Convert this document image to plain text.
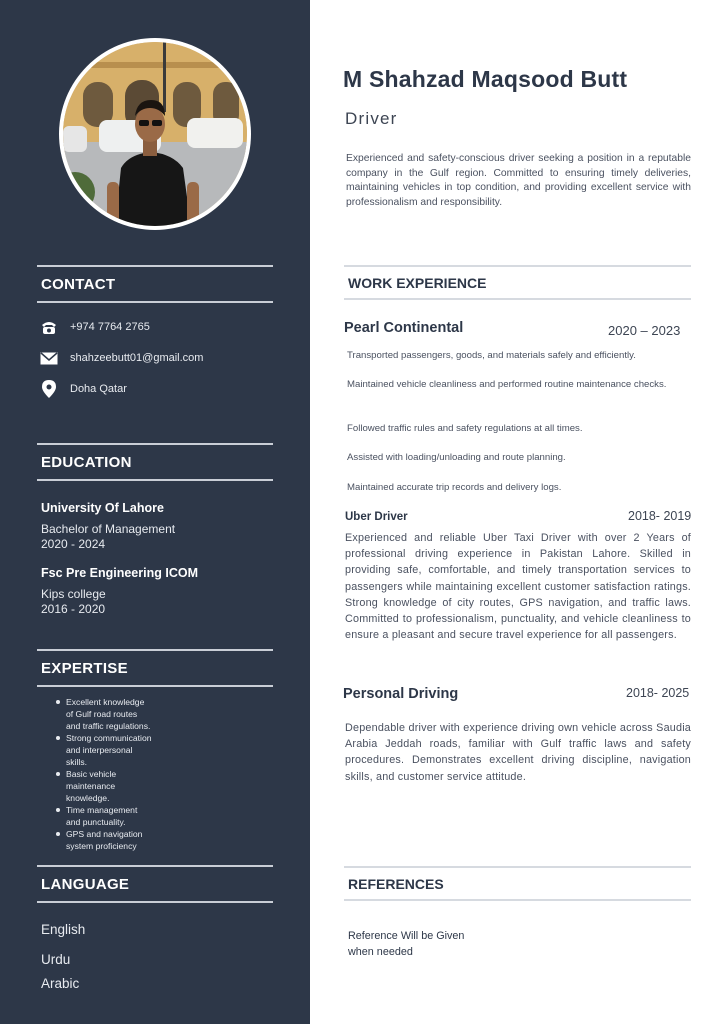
CONTACT
+974 7764 2765
shahzeebutt01@gmail.com
Doha Qatar
EDUCATION
University Of Lahore
Bachelor of Management
2020 - 2024
Fsc Pre Engineering ICOM
Kips college
2016 - 2020
EXPERTISE
Excellent knowledge
of Gulf road routes
and traffic regulations.
Strong communication
and interpersonal
skills.
Basic vehicle
maintenance
knowledge.
Time management
and punctuality.
GPS and navigation
system proficiency
LANGUAGE
English
Urdu
Arabic
M Shahzad Maqsood Butt
Driver
Experienced and safety-conscious driver seeking a position in a reputable company in the Gulf region. Committed to ensuring timely deliveries, maintaining vehicles in top condition, and providing excellent service with professionalism and responsibility.
WORK EXPERIENCE
Pearl Continental	2020 – 2023
Transported passengers, goods, and materials safely and efficiently.
Maintained vehicle cleanliness and performed routine maintenance checks.
Followed traffic rules and safety regulations at all times.
Assisted with loading/unloading and route planning.
Maintained accurate trip records and delivery logs.
Uber Driver	2018- 2019
Experienced and reliable Uber Taxi Driver with over 2 Years of professional driving experience in Pakistan Lahore. Skilled in providing safe, comfortable, and timely transportation services to passengers while maintaining excellent customer satisfaction ratings. Strong knowledge of city routes, GPS navigation, and traffic laws. Committed to professionalism, punctuality, and vehicle cleanliness to ensure a pleasant and secure travel experience for all passengers.
Personal Driving	2018- 2025
Dependable driver with experience driving own vehicle across Saudia Arabia Jeddah roads, familiar with Gulf traffic laws and safety procedures. Demonstrates excellent driving discipline, navigation skills, and customer service attitude.
REFERENCES
Reference Will be Given
when needed
